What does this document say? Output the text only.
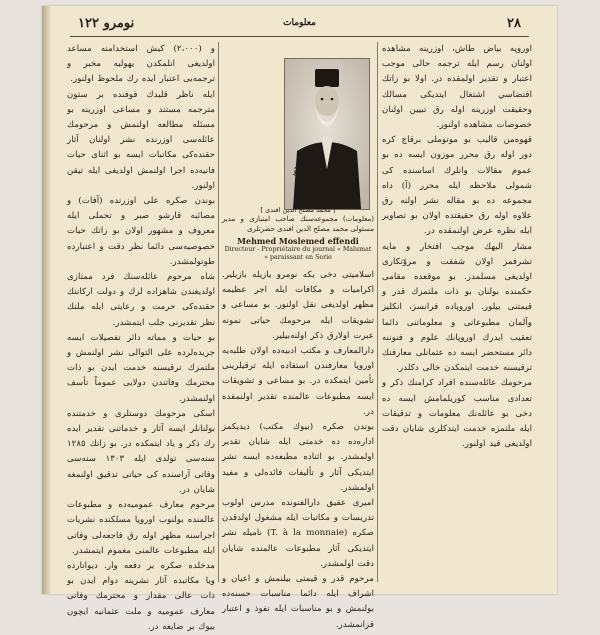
٢٨
معلومات
نومرو ١٢٢

اوروپه بیاض طاش، اوزرینه مشاهده اولنان رسم ايله ترجمه حالی موجب اعتبار و تقدیر اولمقده در. اولا بو زاتك اقتضاسي اشتغال ایتدیکی مسالك وحقیقت اوزرینه اوله رق تبيين اولنان خصوصات مشاهده اولنور.

قهوه‌من قالیب بو موتوملی برقاچ كره دور اوله رق محرر موزون ایسه ده بو عموم مقالات وانلرك اساسنده کی شمولی ملاحظه ايله محرر (آ) داه مجموعه ده بو مقاله نشر اولنه رق علاوه اوله رق حقیقتده اولان بو تصاویر ايله نظره عرض اولنمقده در.

مشار اليهك موجب افتخار و مایه تشرفمز اولان شفقت و مروّتكاری اولدیغی مسلمدر. بو موقعده مقامی حکمنده بولنان بو ذات ملتمزك قدر و قیمتنی بیلور. اوروپاده فرانسز، انکلیز وآلمان مطبوعاتی و معلوماتنی دائما تعقیب ایدرك اوروپانك علوم و فنوننه دائر مستحضر ایسه ده عثمانلی معارفنك ترقیسنه خدمت ایتمكدن خالی دکلدر.

مرحومك عائله‌سنده افراد كرامنك ذكر و تعدادی مناسب كوريلمامش ایسه ده دخی بو عائله‌نك معلومات و تدقيقات ايله ملتمزه خدمت ايتدكلری شایان دقت اولدیغی قيد اولنور.

ﻣﺤﻤﺪ
[ محمد مصلح الدين افندی ]
(معلومات) مجموعه‌سنك صاحب امتيازی و مدير مسئولی محمد مصلح الدين افندی حضرتلری
Mehmed Moslemed effendi
Directeur - Propriétaire du journal « Malumat » paraissant en Serie

اسلامیتی دخی یکه نومرو یازیله بازیلیر. اکرامیات و مکافات ایله اجر عظيمه مظهر اولدیغی نقل اولنور. بو مساعی و تشويقات ايله مرحومك حياتی نمونه عبرت اولارق ذكر اولنه‌بيلير.

دارالمعارف و مكتب ادبیه‌ده اولان طلبه‌یه اوروپا معارفندن استفاده ايله ترقیلرینی تأمین ایتمكده در. بو مساعی و تشويقات ایسه مطبوعات عالمنده تقدیر اولنمقده در.

بوندن صكره (بیوك مكتب) دیدیکمز اداره‌ده ده خدمتی ایله شایان تقدیر اولمشدر. بو اثناده مطبعه‌ده ایسه نشر ایتدیکی آثار و تألیفات فائده‌لی و مفید اولمشدر.

امیری عقیق دارالفنونده مدرس اولوب تدریسات و مكاتبات ايله مشغول اولدقدن صكره (T. à la monnaie) نامیله نشر ایتدیکی آثار مطبوعات عالمنده شایان دقت اولمشدر.

مرحوم قدر و قیمتی بیلنمش و اعیان و اشراف ایله دائما مناسبات حسنه‌ده بولنمش و بو مناسبات ایله نفوذ و اعتبار قزانمشدر.

و (٢،٠٠٠) كيش استخدامنه مساعد اولدیغی انلمكدن یهولیه مخبر و ترجمه‌یی اعتبار ایده رك ملحوظ اولنور.

ايله ناظر قلیدك قوفنده بر ستون مترجمه مستند و مساعی اوزرینه بو مسئله مطالعه اولنمش و مرحومك عائله‌سی اوزرنده نشر اولنان آثار حقنده‌کی مكاتبات ایسه بو اثنای حيات فانیه‌ده اجرا اولنمش اولدیغی ايله تيقن اولنور.

بوندن صكره علی اوزرنده (آفات) و مصائبه قارشو صبر و تحملی ایله معروف و مشهور اولان بو زاتك حيات خصوصیه‌سی دائما نظر دقت و اعتبارده طوتولمشدر.

شاه مرحوم عائله‌سنك فرد ممتازی اولدیغندن شاهزاده لرك و دولت اركاننك حقنده‌کی حرمت و رعایتی ایله ملتك نظر تقدیرنی جلب ایتمشدر.

بو حیات و مماته دائر تفصیلات ایسه جريده‌لرده علی التوالی نشر اولنمش و ملتمزك ترقیسنه خدمت ایدن بو ذات محترمك وفاتندن دولایی عموماً تأسف اولنمشدر.

اسكی مرحومك دوستلری و خدمتنده بولنانلر ایسه آثار و خدماتنی تقدیر ایده رك ذكر و یاد ایتمكده در. بو زاتك ١٢٨٥ سنه‌سی تولدی ايله ١٣٠٣ سنه‌سی وفاتی آراسنده کی حياتی تدقیق اولنمغه شایان در.

مرحوم معارف عمومیه‌ده و مطبوعات عالمنده بولنوب اوروپا مسلكنده نشریات اجراسنه مظهر اوله رق فاجعه‌لی وفاتی ایله مطبوعات عالمنی مغموم ایتمشدر.

مدخلده صكره بر دفعه وار. دیوانارده ویا مكاتبده آثار نشرینه دوام ایدن بو ذات عالی مقدار و محترمك وفاتی معارف عمومیه و ملت عثمانیه ایچون بیوك بر ضایعه در.
